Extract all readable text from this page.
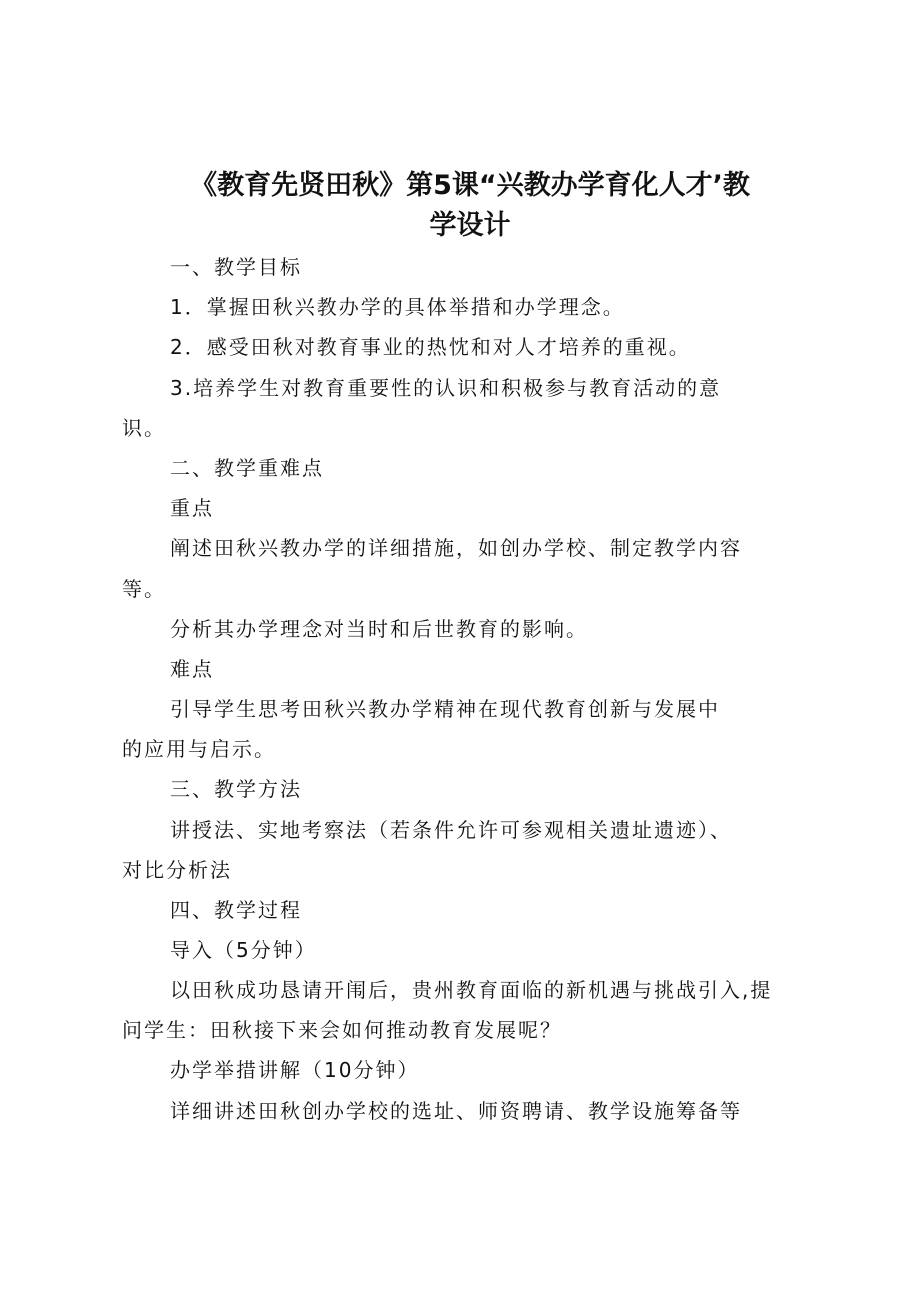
《教育先贤田秋》第5课“兴教办学育化人才’教
学设计
一、教学目标
1．掌握田秋兴教办学的具体举措和办学理念。
2．感受田秋对教育事业的热忱和对人才培养的重视。
3.培养学生对教育重要性的认识和积极参与教育活动的意
识。
二、教学重难点
重点
阐述田秋兴教办学的详细措施，如创办学校、制定教学内容
等。
分析其办学理念对当时和后世教育的影响。
难点
引导学生思考田秋兴教办学精神在现代教育创新与发展中
的应用与启示。
三、教学方法
讲授法、实地考察法（若条件允许可参观相关遗址遗迹）、
对比分析法
四、教学过程
导入（5分钟）
以田秋成功恳请开闱后，贵州教育面临的新机遇与挑战引入,提
问学生：田秋接下来会如何推动教育发展呢？
办学举措讲解（10分钟）
详细讲述田秋创办学校的选址、师资聘请、教学设施筹备等
